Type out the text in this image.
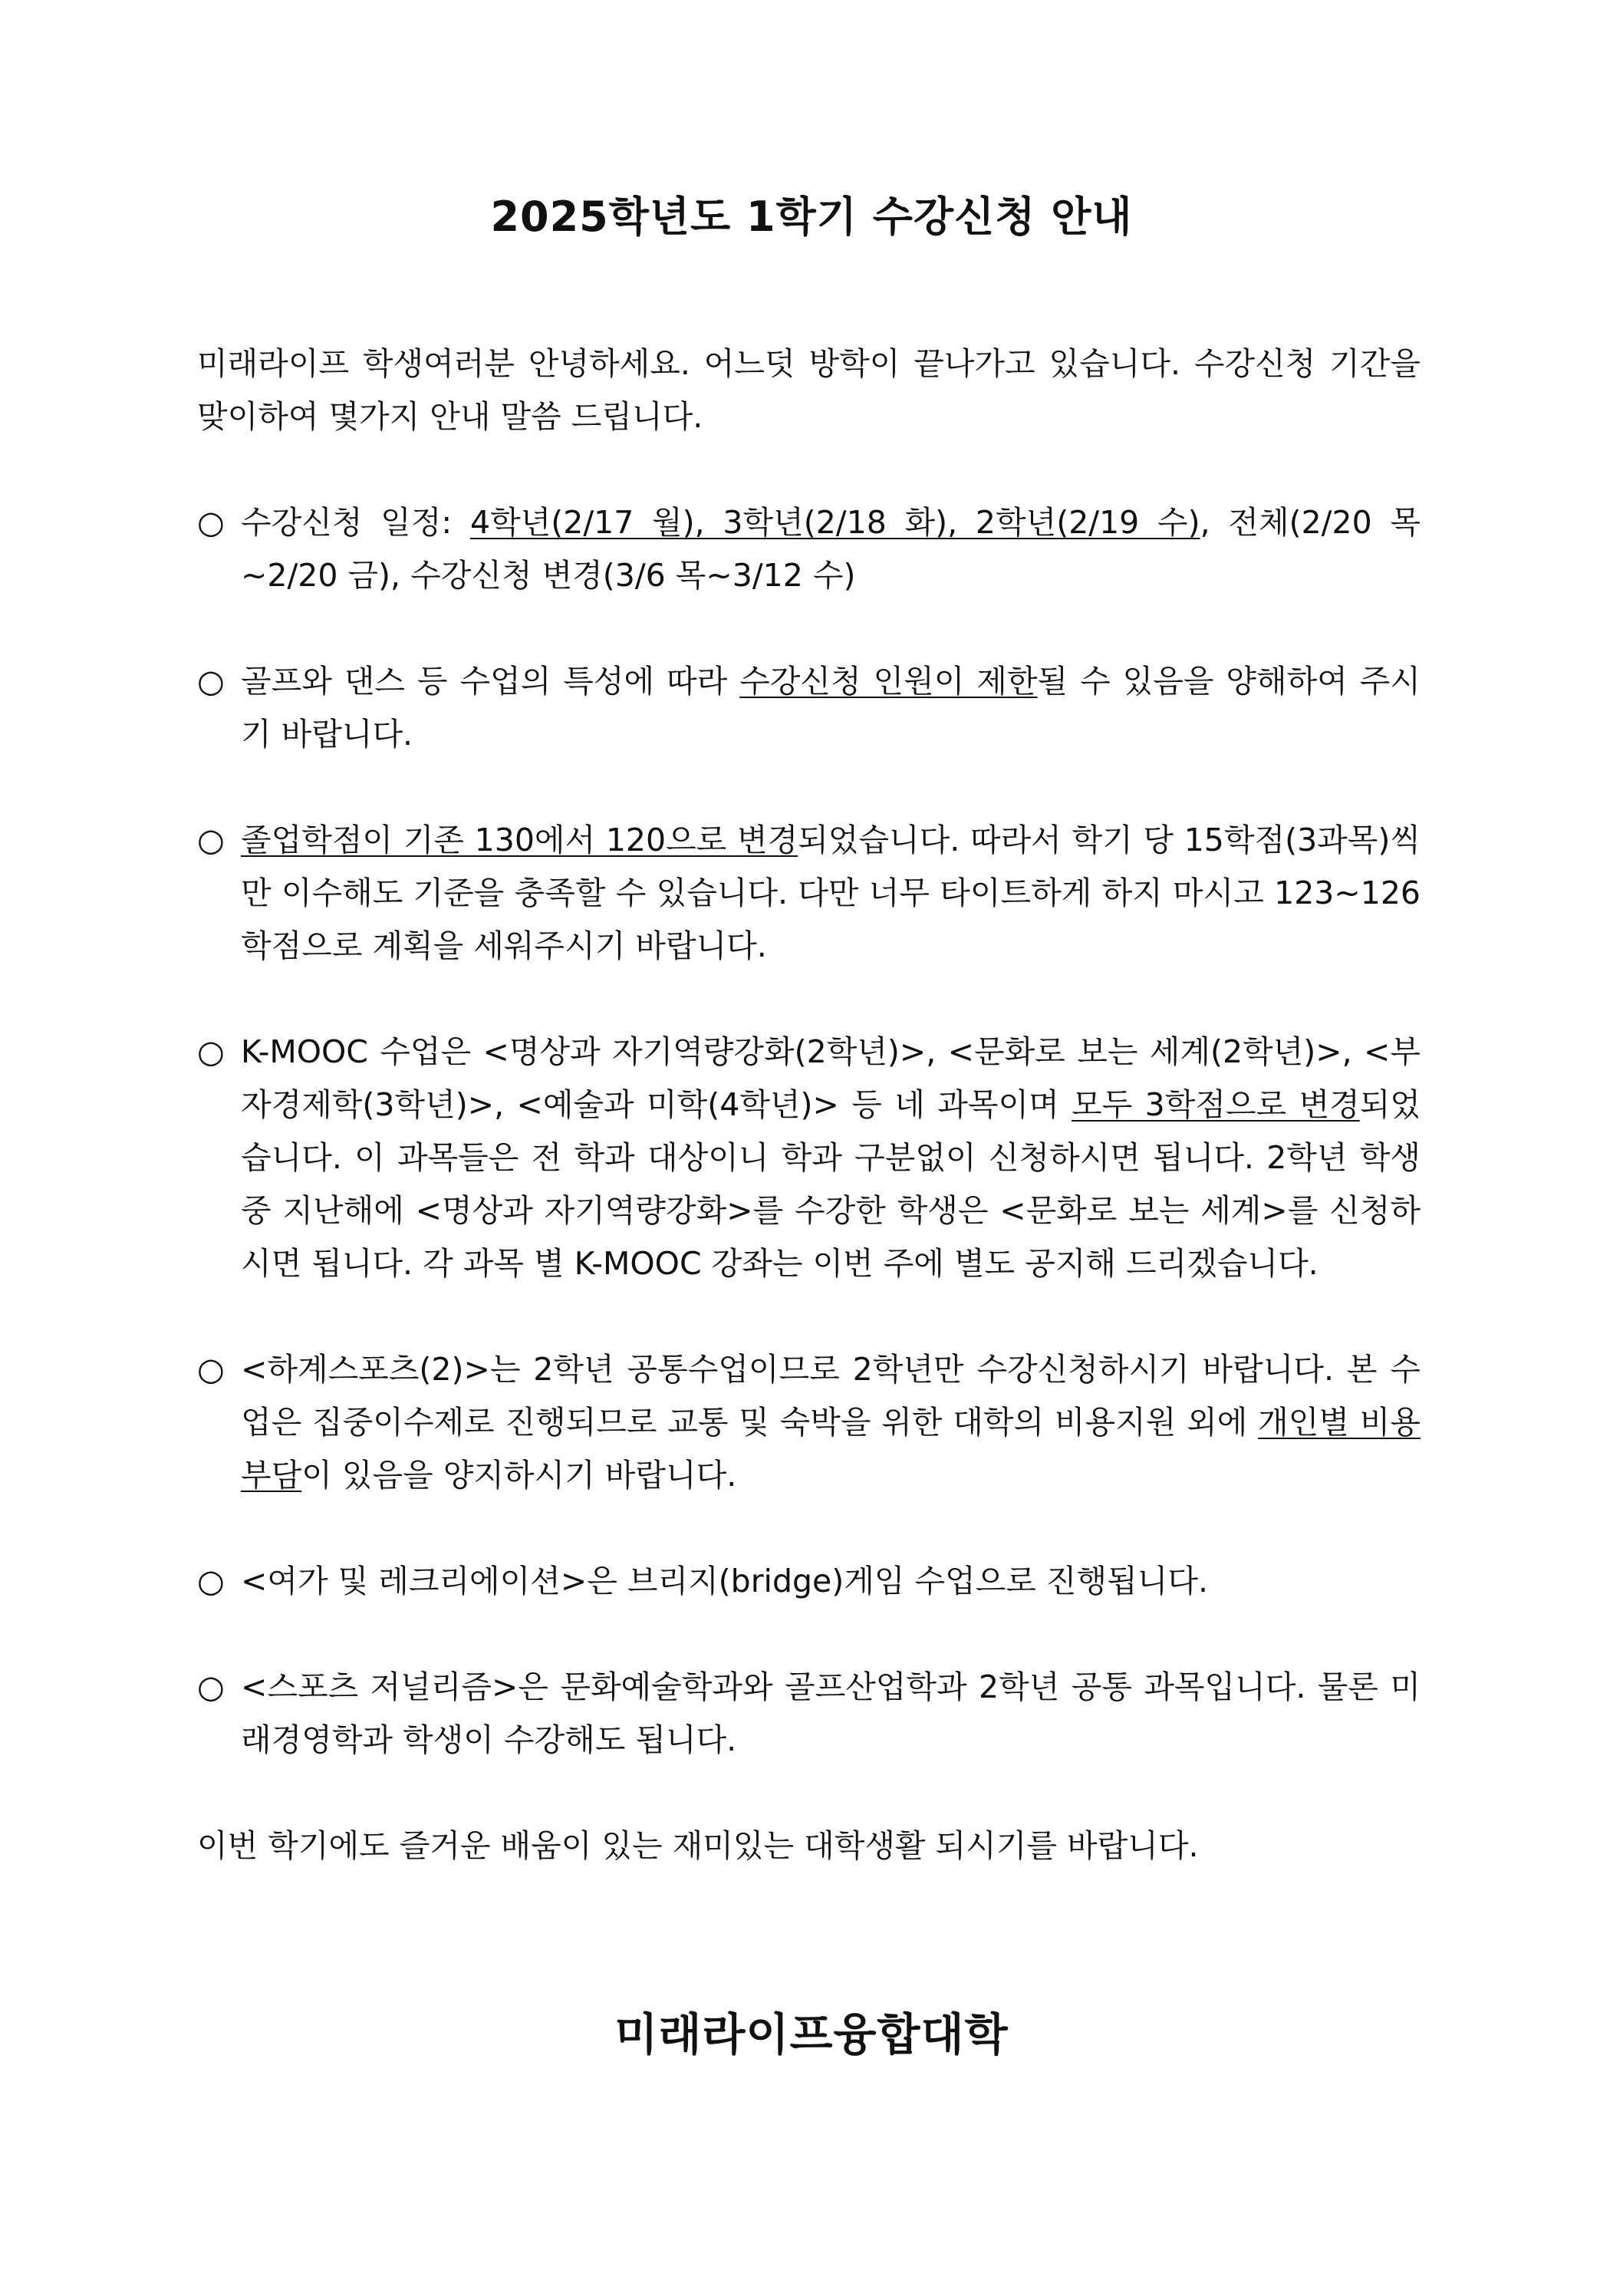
2025학년도 1학기 수강신청 안내

미래라이프 학생여러분 안녕하세요. 어느덧 방학이 끝나가고 있습니다. 수강신청 기간을 맞이하여 몇가지 안내 말씀 드립니다.

○ 수강신청 일정: 4학년(2/17 월), 3학년(2/18 화), 2학년(2/19 수), 전체(2/20 목~2/20 금), 수강신청 변경(3/6 목~3/12 수)

○ 골프와 댄스 등 수업의 특성에 따라 수강신청 인원이 제한될 수 있음을 양해하여 주시기 바랍니다.

○ 졸업학점이 기존 130에서 120으로 변경되었습니다. 따라서 학기 당 15학점(3과목)씩만 이수해도 기준을 충족할 수 있습니다. 다만 너무 타이트하게 하지 마시고 123~126학점으로 계획을 세워주시기 바랍니다.

○ K-MOOC 수업은 <명상과 자기역량강화(2학년)>, <문화로 보는 세계(2학년)>, <부자경제학(3학년)>, <예술과 미학(4학년)> 등 네 과목이며 모두 3학점으로 변경되었습니다. 이 과목들은 전 학과 대상이니 학과 구분없이 신청하시면 됩니다. 2학년 학생 중 지난해에 <명상과 자기역량강화>를 수강한 학생은 <문화로 보는 세계>를 신청하시면 됩니다. 각 과목 별 K-MOOC 강좌는 이번 주에 별도 공지해 드리겠습니다.

○ <하계스포츠(2)>는 2학년 공통수업이므로 2학년만 수강신청하시기 바랍니다. 본 수업은 집중이수제로 진행되므로 교통 및 숙박을 위한 대학의 비용지원 외에 개인별 비용부담이 있음을 양지하시기 바랍니다.

○ <여가 및 레크리에이션>은 브리지(bridge)게임 수업으로 진행됩니다.

○ <스포츠 저널리즘>은 문화예술학과와 골프산업학과 2학년 공통 과목입니다. 물론 미래경영학과 학생이 수강해도 됩니다.

이번 학기에도 즐거운 배움이 있는 재미있는 대학생활 되시기를 바랍니다.

미래라이프융합대학
